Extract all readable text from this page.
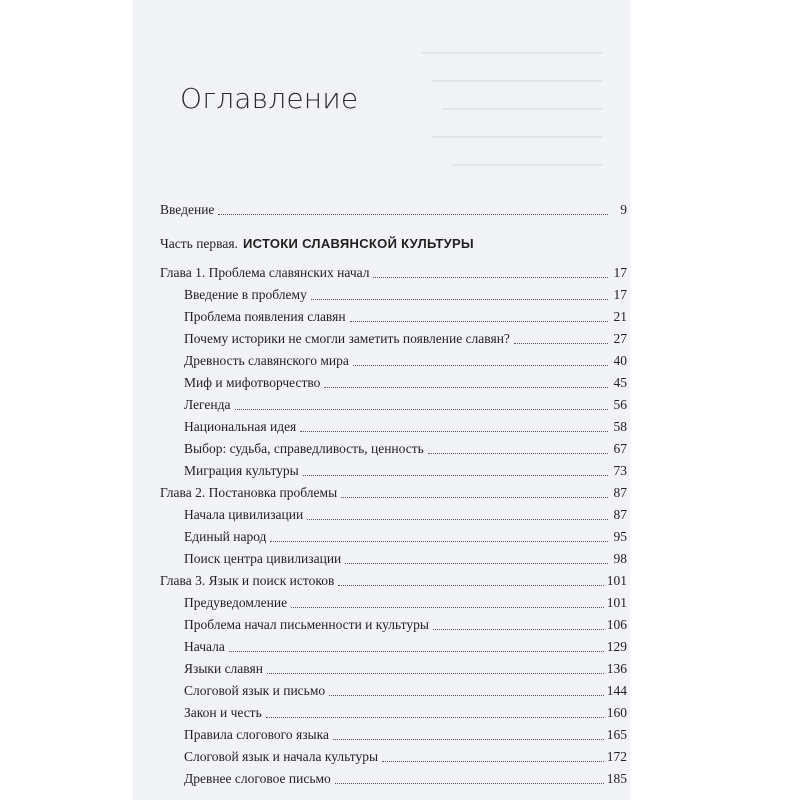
Оглавление
Введение	9
Часть первая. ИСТОКИ СЛАВЯНСКОЙ КУЛЬТУРЫ
Глава 1. Проблема славянских начал	17
Введение в проблему	17
Проблема появления славян	21
Почему историки не смогли заметить появление славян?	27
Древность славянского мира	40
Миф и мифотворчество	45
Легенда	56
Национальная идея	58
Выбор: судьба, справедливость, ценность	67
Миграция культуры	73
Глава 2. Постановка проблемы	87
Начала цивилизации	87
Единый народ	95
Поиск центра цивилизации	98
Глава 3. Язык и поиск истоков	101
Предуведомление	101
Проблема начал письменности и культуры	106
Начала	129
Языки славян	136
Слоговой язык и письмо	144
Закон и честь	160
Правила слогового языка	165
Слоговой язык и начала культуры	172
Древнее слоговое письмо	185
